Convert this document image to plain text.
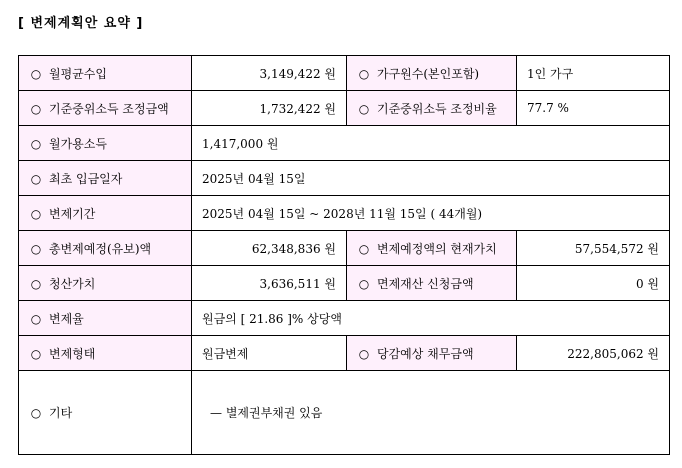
[ 변제계획안 요약 ]
○ 월평균수입	3,149,422 원	○ 가구원수(본인포함)	1인 가구
○ 기준중위소득 조정금액	1,732,422 원	○ 기준중위소득 조정비율	77.7 %
○ 월가용소득	1,417,000 원		
○ 최초 입금일자	2025년 04월 15일		
○ 변제기간	2025년 04월 15일 ~ 2028년 11월 15일 ( 44개월)		
○ 총변제예정(유보)액	62,348,836 원	○ 변제예정액의 현재가치	57,554,572 원
○ 청산가치	3,636,511 원	○ 면제재산 신청금액	0 원
○ 변제율	원금의 [ 21.86 ]% 상당액		
○ 변제형태	원금변제	○ 당감예상 채무금액	222,805,062 원
○ 기타	— 별제권부채권 있음		
